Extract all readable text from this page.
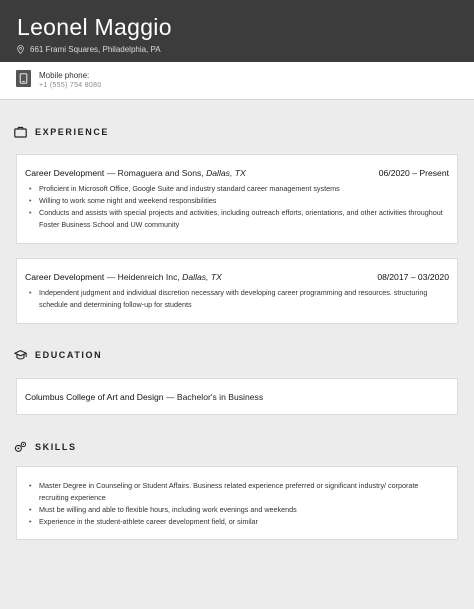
Leonel Maggio
661 Frami Squares, Philadelphia, PA
Mobile phone:
+1 (555) 754 8080
EXPERIENCE
Career Development — Romaguera and Sons, Dallas, TX	06/2020 – Present
• Proficient in Microsoft Office, Google Suite and industry standard career management systems
• Willing to work some night and weekend responsibilities
• Conducts and assists with special projects and activities, including outreach efforts, orientations, and other activities throughout Foster Business School and UW community
Career Development — Heidenreich Inc, Dallas, TX	08/2017 – 03/2020
• Independent judgment and individual discretion necessary with developing career programming and resources. structuring schedule and determining follow-up for students
EDUCATION
Columbus College of Art and Design — Bachelor's in Business
SKILLS
• Master Degree in Counseling or Student Affairs. Business related experience preferred or significant industry/ corporate recruiting experience
• Must be willing and able to flexible hours, including work evenings and weekends
• Experience in the student-athlete career development field, or similar
